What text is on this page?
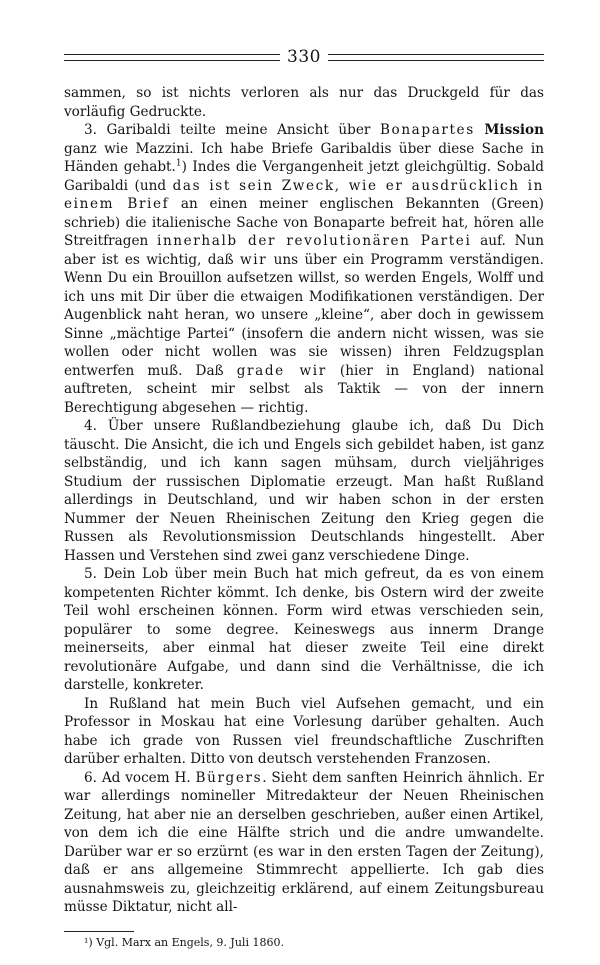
330

sammen, so ist nichts verloren als nur das Druckgeld für das vorläufig Gedruckte.

3. Garibaldi teilte meine Ansicht über Bonapartes Mission ganz wie Mazzini. Ich habe Briefe Garibaldis über diese Sache in Händen gehabt.$^1$) Indes die Vergangenheit jetzt gleichgültig. Sobald Garibaldi (und das ist sein Zweck, wie er ausdrücklich in einem Brief an einen meiner englischen Bekannten (Green) schrieb) die italienische Sache von Bonaparte befreit hat, hören alle Streitfragen innerhalb der revolutionären Partei auf. Nun aber ist es wichtig, daß wir uns über ein Programm verständigen. Wenn Du ein Brouillon aufsetzen willst, so werden Engels, Wolff und ich uns mit Dir über die etwaigen Modifikationen verständigen. Der Augenblick naht heran, wo unsere „kleine“, aber doch in gewissem Sinne „mächtige Partei“ (insofern die andern nicht wissen, was sie wollen oder nicht wollen was sie wissen) ihren Feldzugsplan entwerfen muß. Daß grade wir (hier in England) national auftreten, scheint mir selbst als Taktik — von der innern Berechtigung abgesehen — richtig.

4. Über unsere Rußlandbeziehung glaube ich, daß Du Dich täuscht. Die Ansicht, die ich und Engels sich gebildet haben, ist ganz selbständig, und ich kann sagen mühsam, durch vieljähriges Studium der russischen Diplomatie erzeugt. Man haßt Rußland allerdings in Deutschland, und wir haben schon in der ersten Nummer der Neuen Rheinischen Zeitung den Krieg gegen die Russen als Revolutionsmission Deutschlands hingestellt. Aber Hassen und Verstehen sind zwei ganz verschiedene Dinge.

5. Dein Lob über mein Buch hat mich gefreut, da es von einem kompetenten Richter kömmt. Ich denke, bis Ostern wird der zweite Teil wohl erscheinen können. Form wird etwas verschieden sein, populärer to some degree. Keineswegs aus innerm Drange meinerseits, aber einmal hat dieser zweite Teil eine direkt revolutionäre Aufgabe, und dann sind die Verhältnisse, die ich darstelle, konkreter.

In Rußland hat mein Buch viel Aufsehen gemacht, und ein Professor in Moskau hat eine Vorlesung darüber gehalten. Auch habe ich grade von Russen viel freundschaftliche Zuschriften darüber erhalten. Ditto von deutsch verstehenden Franzosen.

6. Ad vocem H. Bürgers. Sieht dem sanften Heinrich ähnlich. Er war allerdings nomineller Mitredakteur der Neuen Rheinischen Zeitung, hat aber nie an derselben geschrieben, außer einen Artikel, von dem ich die eine Hälfte strich und die andre umwandelte. Darüber war er so erzürnt (es war in den ersten Tagen der Zeitung), daß er ans allgemeine Stimmrecht appellierte. Ich gab dies ausnahmsweis zu, gleichzeitig erklärend, auf einem Zeitungsbureau müsse Diktatur, nicht all-

¹) Vgl. Marx an Engels, 9. Juli 1860.
